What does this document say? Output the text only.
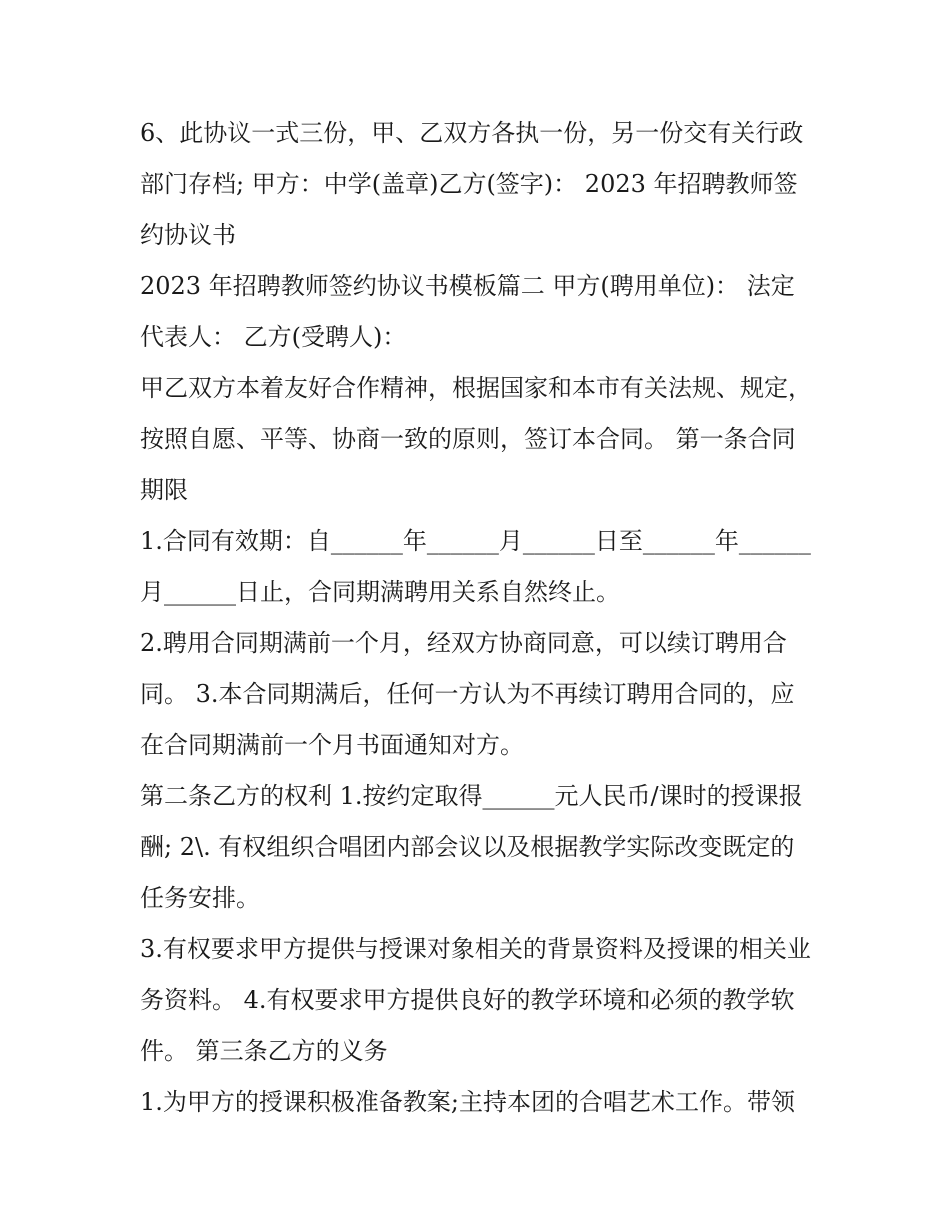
6、此协议一式三份，甲、乙双方各执一份，另一份交有关行政部门存档; 甲方：中学(盖章)乙方(签字)： 2023 年招聘教师签约协议书

2023 年招聘教师签约协议书模板篇二 甲方(聘用单位)： 法定代表人： 乙方(受聘人)：

甲乙双方本着友好合作精神，根据国家和本市有关法规、规定，按照自愿、平等、协商一致的原则，签订本合同。 第一条合同期限

1.合同有效期：自______年______月______日至______年______月______日止，合同期满聘用关系自然终止。

2.聘用合同期满前一个月，经双方协商同意，可以续订聘用合同。 3.本合同期满后，任何一方认为不再续订聘用合同的，应在合同期满前一个月书面通知对方。

第二条乙方的权利 1.按约定取得______元人民币/课时的授课报酬; 2\. 有权组织合唱团内部会议以及根据教学实际改变既定的任务安排。

3.有权要求甲方提供与授课对象相关的背景资料及授课的相关业务资料。 4.有权要求甲方提供良好的教学环境和必须的教学软件。 第三条乙方的义务

1.为甲方的授课积极准备教案;主持本团的合唱艺术工作。带领
